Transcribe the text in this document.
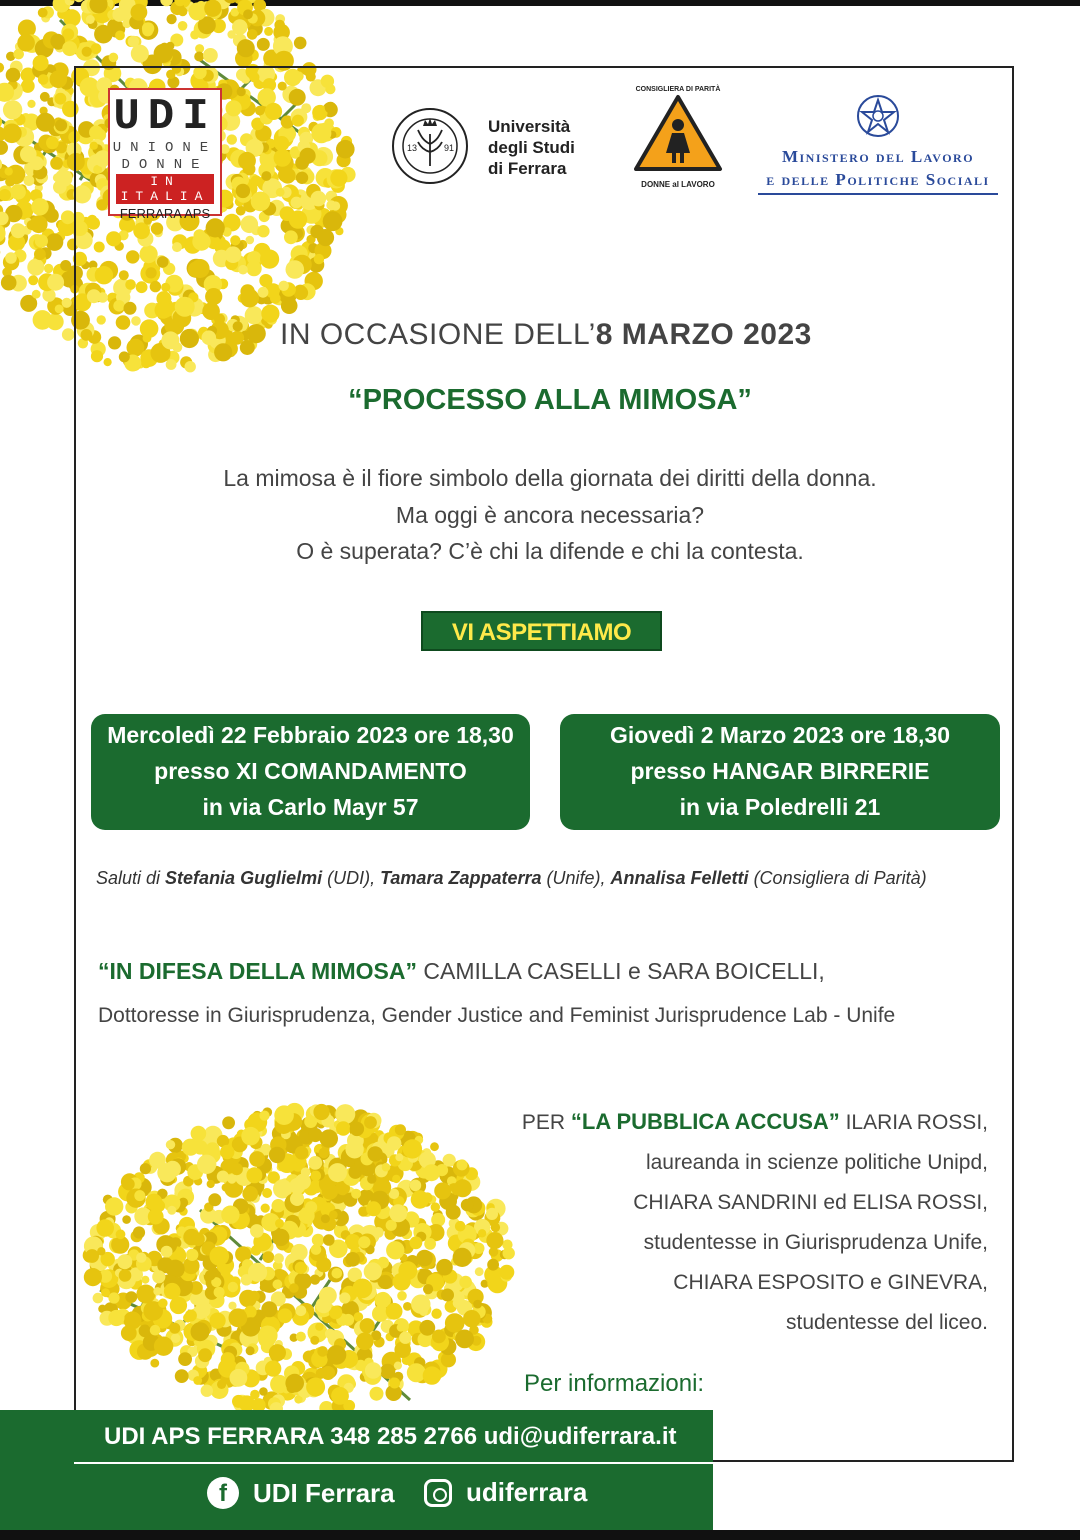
UDI
UNIONE
DONNE
IN ITALIA
FERRARA APS
13	91
Università
degli Studi
di Ferrara
CONSIGLIERA DI PARITÀ
DONNE al LAVORO
Ministero del Lavoro
e delle Politiche Sociali
IN OCCASIONE DELL’8 MARZO 2023
“PROCESSO ALLA MIMOSA”
La mimosa è il fiore simbolo della giornata dei diritti della donna.
Ma oggi è ancora necessaria?
O è superata? C’è chi la difende e chi la contesta.
VI ASPETTIAMO
Mercoledì 22 Febbraio 2023 ore 18,30
presso XI COMANDAMENTO
in via Carlo Mayr 57
Giovedì 2 Marzo 2023 ore 18,30
presso HANGAR BIRRERIE
in via Poledrelli 21
Saluti di Stefania Guglielmi (UDI), Tamara Zappaterra (Unife), Annalisa Felletti (Consigliera di Parità)
“IN DIFESA DELLA MIMOSA” CAMILLA CASELLI e SARA BOICELLI,
Dottoresse in Giurisprudenza, Gender Justice and Feminist Jurisprudence Lab - Unife
PER “LA PUBBLICA ACCUSA” ILARIA ROSSI,
laureanda in scienze politiche Unipd,
CHIARA SANDRINI ed ELISA ROSSI,
studentesse in Giurisprudenza Unife,
CHIARA ESPOSITO e GINEVRA,
studentesse del liceo.
Per informazioni:
UDI APS FERRARA 348 285 2766 udi@udiferrara.it
f	UDI Ferrara	udiferrara
